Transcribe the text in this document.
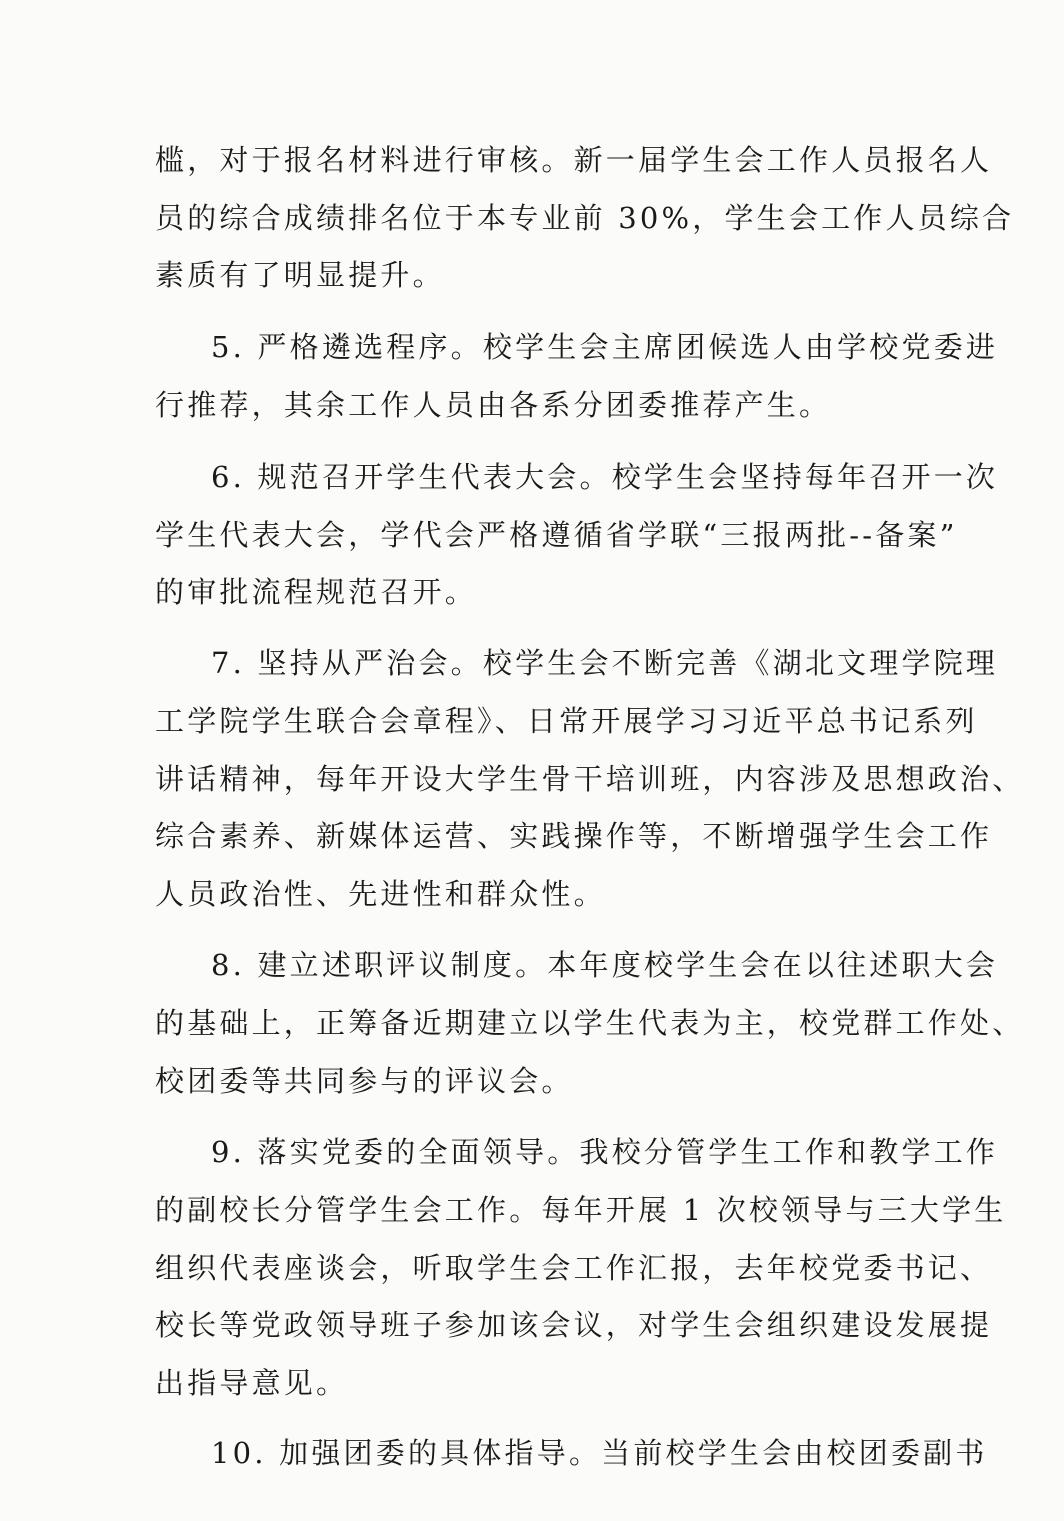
槛，对于报名材料进行审核。新一届学生会工作人员报名人
员的综合成绩排名位于本专业前 30%，学生会工作人员综合
素质有了明显提升。
5. 严格遴选程序。校学生会主席团候选人由学校党委进
行推荐，其余工作人员由各系分团委推荐产生。
6. 规范召开学生代表大会。校学生会坚持每年召开一次
学生代表大会，学代会严格遵循省学联“三报两批--备案”
的审批流程规范召开。
7. 坚持从严治会。校学生会不断完善《湖北文理学院理
工学院学生联合会章程》、日常开展学习习近平总书记系列
讲话精神，每年开设大学生骨干培训班，内容涉及思想政治、
综合素养、新媒体运营、实践操作等，不断增强学生会工作
人员政治性、先进性和群众性。
8. 建立述职评议制度。本年度校学生会在以往述职大会
的基础上，正筹备近期建立以学生代表为主，校党群工作处、
校团委等共同参与的评议会。
9. 落实党委的全面领导。我校分管学生工作和教学工作
的副校长分管学生会工作。每年开展 1 次校领导与三大学生
组织代表座谈会，听取学生会工作汇报，去年校党委书记、
校长等党政领导班子参加该会议，对学生会组织建设发展提
出指导意见。
10. 加强团委的具体指导。当前校学生会由校团委副书
